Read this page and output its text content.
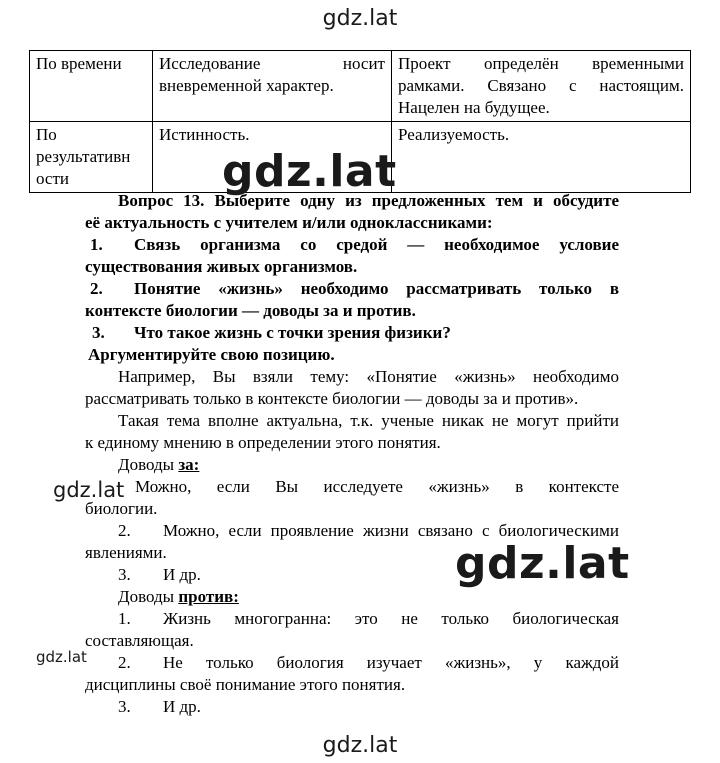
gdz.lat
По времени	Исследование носит вневременной характер.	Проект определён временными рамками. Связано с настоящим. Нацелен на будущее.
По результативн ости	Истинность.	Реализуемость.
gdz.lat
Вопрос 13. Выберите одну из предложенных тем и обсудите
её актуальность с учителем и/или одноклассниками:
1. Связь организма со средой — необходимое условие
существования живых организмов.
2. Понятие «жизнь» необходимо рассматривать только в
контексте биологии — доводы за и против.
3. Что такое жизнь с точки зрения физики?
Аргументируйте свою позицию.
Например, Вы взяли тему: «Понятие «жизнь» необходимо
рассматривать только в контексте биологии — доводы за и против».
Такая тема вполне актуальна, т.к. ученые никак не могут прийти
к единому мнению в определении этого понятия.
Доводы за:
gdz.lat Можно, если Вы исследуете «жизнь» в контексте
биологии.
2. Можно, если проявление жизни связано с биологическими
явлениями.
3. И др.	gdz.lat
Доводы против:
1. Жизнь многогранна: это не только биологическая
составляющая.
gdz.lat 2. Не только биология изучает «жизнь», у каждой
дисциплины своё понимание этого понятия.
3. И др.
gdz.lat
